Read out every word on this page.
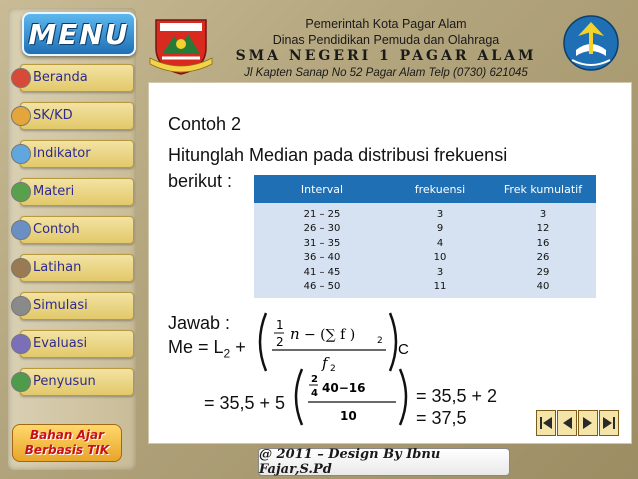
MENU
Beranda
SK/KD
Indikator
Materi
Contoh
Latihan
Simulasi
Evaluasi
Penyusun
Bahan Ajar
Berbasis TIK
Pemerintah Kota Pagar Alam
Dinas Pendidikan Pemuda dan Olahraga
SMA NEGERI 1 PAGAR ALAM
Jl Kapten Sanap No 52 Pagar Alam Telp (0730) 621045
Contoh 2
Hitunglah Median pada distribusi frekuensi
berikut :	Interval	frekuensi	Frek kumulatif
21 – 25	3	3
26 – 30	9	12
31 – 35	4	16
36 – 40	10	26
41 – 45	3	29
46 – 50	11	40
Jawab :
$Me = L_2$ +
1
2 n − (∑ f ) 2
f 2
C
= 35,5 + 5
2
4 40−16
10
= 35,5 + 2
= 37,5
@ 2011 – Design By Ibnu Fajar,S.Pd
